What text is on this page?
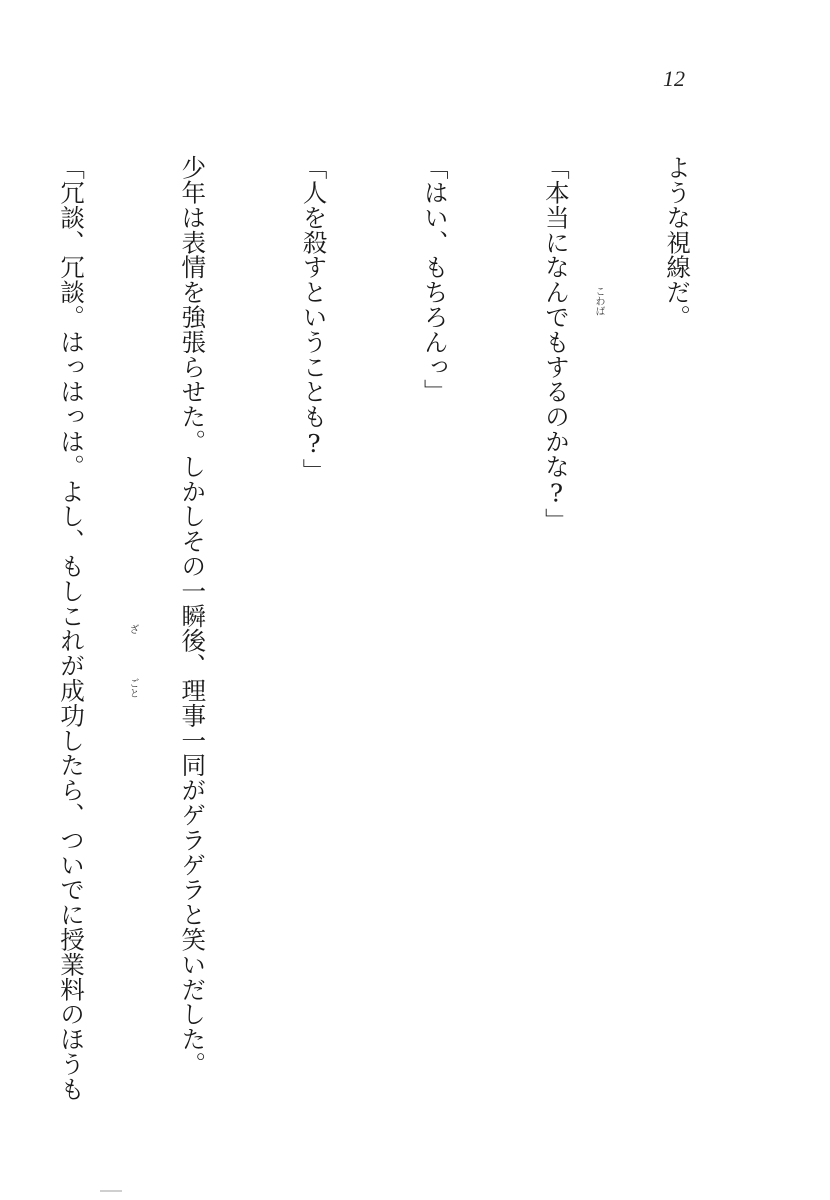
12

ような視線だ。

「本当になんでもするのかな?」

「はい、もちろんっ」

「人を殺すということも?」

少年は表情を強張らせた。しかしその一瞬後、理事一同がゲラゲラと笑いだした。

「冗談、冗談。はっはっは。よし、もしこれが成功したら、ついでに授業料のほうも

	こわば
ざ
ごと
